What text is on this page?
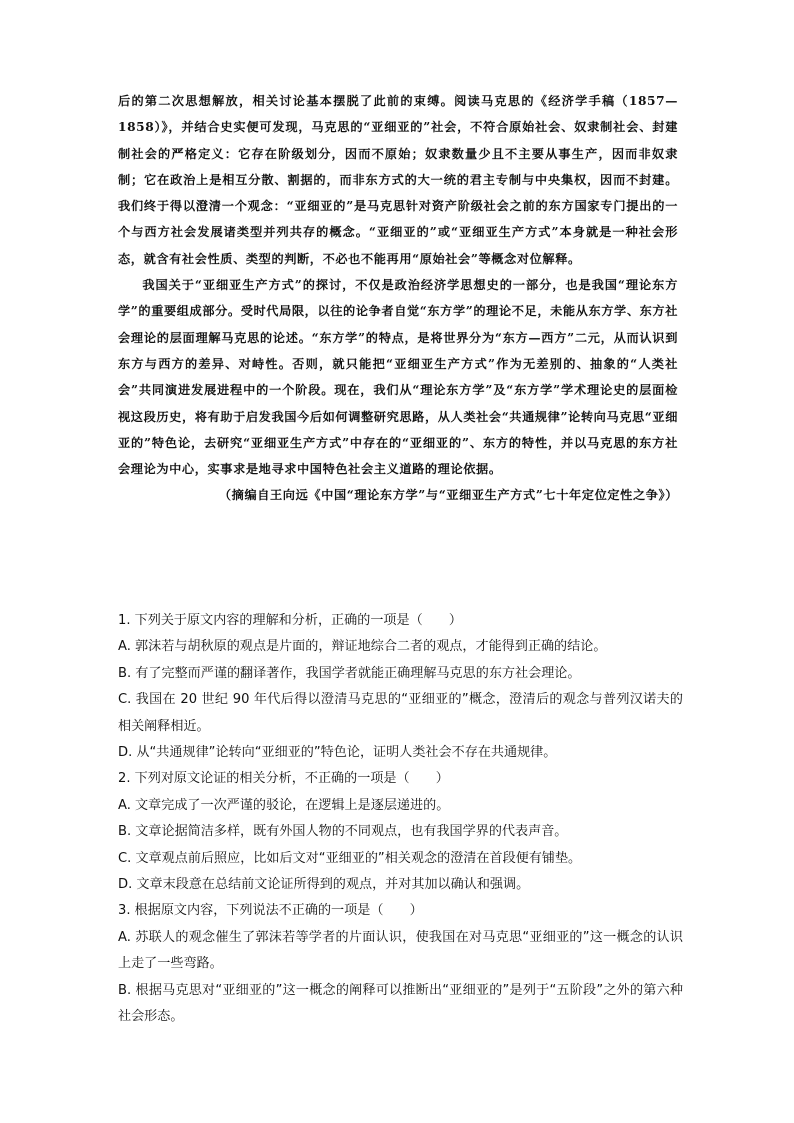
后的第二次思想解放，相关讨论基本摆脱了此前的束缚。阅读马克思的《经济学手稿（1857—1858）》，并结合史实便可发现，马克思的“亚细亚的”社会，不符合原始社会、奴隶制社会、封建制社会的严格定义：它存在阶级划分，因而不原始；奴隶数量少且不主要从事生产，因而非奴隶制；它在政治上是相互分散、割据的，而非东方式的大一统的君主专制与中央集权，因而不封建。我们终于得以澄清一个观念：“亚细亚的”是马克思针对资产阶级社会之前的东方国家专门提出的一个与西方社会发展诸类型并列共存的概念。“亚细亚的”或“亚细亚生产方式”本身就是一种社会形态，就含有社会性质、类型的判断，不必也不能再用“原始社会”等概念对位解释。

我国关于“亚细亚生产方式”的探讨，不仅是政治经济学思想史的一部分，也是我国“理论东方学”的重要组成部分。受时代局限，以往的论争者自觉“东方学”的理论不足，未能从东方学、东方社会理论的层面理解马克思的论述。“东方学”的特点，是将世界分为“东方—西方”二元，从而认识到东方与西方的差异、对峙性。否则，就只能把“亚细亚生产方式”作为无差别的、抽象的“人类社会”共同演进发展进程中的一个阶段。现在，我们从“理论东方学”及“东方学”学术理论史的层面检视这段历史，将有助于启发我国今后如何调整研究思路，从人类社会“共通规律”论转向马克思“亚细亚的”特色论，去研究“亚细亚生产方式”中存在的“亚细亚的”、东方的特性，并以马克思的东方社会理论为中心，实事求是地寻求中国特色社会主义道路的理论依据。

（摘编自王向远《中国“理论东方学”与“亚细亚生产方式”七十年定位定性之争》）

1. 下列关于原文内容的理解和分析，正确的一项是（　　）

A. 郭沫若与胡秋原的观点是片面的，辩证地综合二者的观点，才能得到正确的结论。

B. 有了完整而严谨的翻译著作，我国学者就能正确理解马克思的东方社会理论。

C. 我国在 20 世纪 90 年代后得以澄清马克思的“亚细亚的”概念，澄清后的观念与普列汉诺夫的相关阐释相近。

D. 从“共通规律”论转向“亚细亚的”特色论，证明人类社会不存在共通规律。

2. 下列对原文论证的相关分析，不正确的一项是（　　）

A. 文章完成了一次严谨的驳论，在逻辑上是逐层递进的。

B. 文章论据简洁多样，既有外国人物的不同观点，也有我国学界的代表声音。

C. 文章观点前后照应，比如后文对“亚细亚的”相关观念的澄清在首段便有铺垫。

D. 文章末段意在总结前文论证所得到的观点，并对其加以确认和强调。

3. 根据原文内容，下列说法不正确的一项是（　　）

A. 苏联人的观念催生了郭沫若等学者的片面认识，使我国在对马克思“亚细亚的”这一概念的认识上走了一些弯路。

B. 根据马克思对“亚细亚的”这一概念的阐释可以推断出“亚细亚的”是列于“五阶段”之外的第六种社会形态。
